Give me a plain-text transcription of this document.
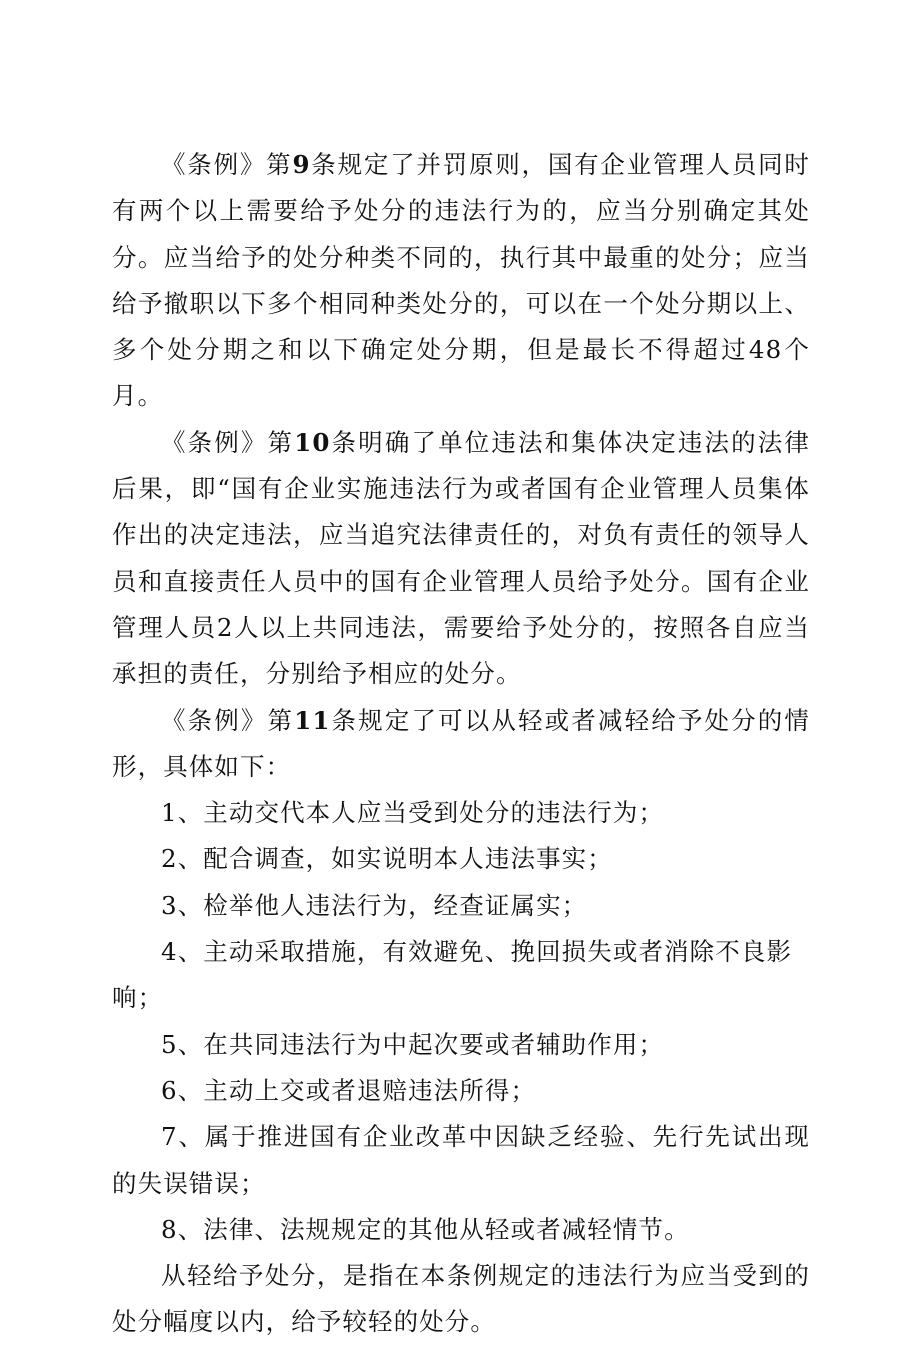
《条例》第9条规定了并罚原则，国有企业管理人员同时有两个以上需要给予处分的违法行为的，应当分别确定其处分。应当给予的处分种类不同的，执行其中最重的处分；应当给予撤职以下多个相同种类处分的，可以在一个处分期以上、多个处分期之和以下确定处分期，但是最长不得超过48个月。

《条例》第10条明确了单位违法和集体决定违法的法律后果，即“国有企业实施违法行为或者国有企业管理人员集体作出的决定违法，应当追究法律责任的，对负有责任的领导人员和直接责任人员中的国有企业管理人员给予处分。国有企业管理人员2人以上共同违法，需要给予处分的，按照各自应当承担的责任，分别给予相应的处分。

《条例》第11条规定了可以从轻或者减轻给予处分的情形，具体如下：

1、主动交代本人应当受到处分的违法行为；

2、配合调查，如实说明本人违法事实；

3、检举他人违法行为，经查证属实；

4、主动采取措施，有效避免、挽回损失或者消除不良影响；

5、在共同违法行为中起次要或者辅助作用；

6、主动上交或者退赔违法所得；

7、属于推进国有企业改革中因缺乏经验、先行先试出现的失误错误；

8、法律、法规规定的其他从轻或者减轻情节。

从轻给予处分，是指在本条例规定的违法行为应当受到的处分幅度以内，给予较轻的处分。
